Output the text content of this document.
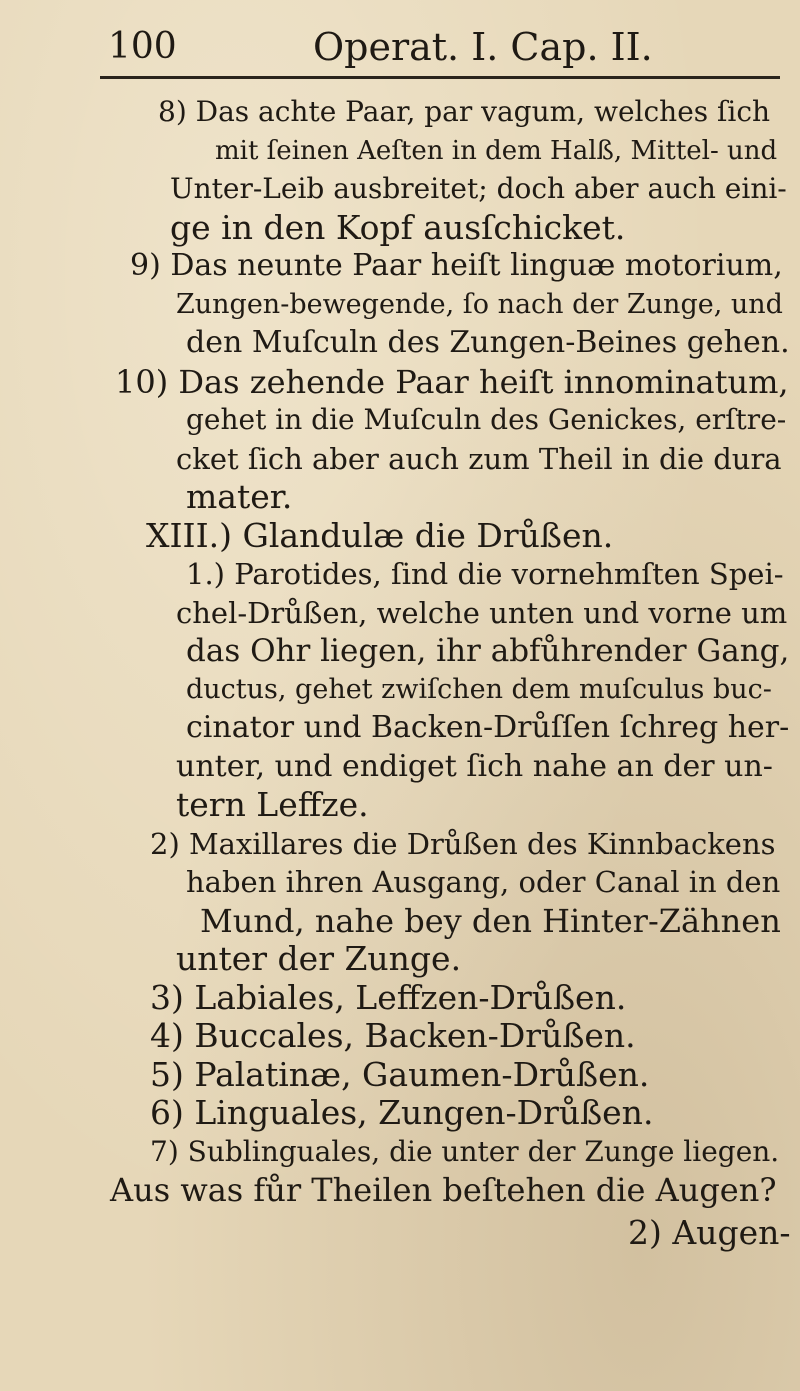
100	Operat. I. Cap. II.
8) Das achte Paar, par vagum, welches ſich
mit ſeinen Aeſten in dem Halß, Mittel- und
Unter-Leib ausbreitet; doch aber auch eini-
ge in den Kopf ausſchicket.
9) Das neunte Paar heiſt linguæ motorium,
Zungen-bewegende, ſo nach der Zunge, und
den Muſculn des Zungen-Beines gehen.
10) Das zehende Paar heiſt innominatum,
gehet in die Muſculn des Genickes, erſtre-
cket ſich aber auch zum Theil in die dura
mater.
XIII.) Glandulæ die Drůßen.
1.) Parotides, ſind die vornehmſten Spei-
chel-Drůßen, welche unten und vorne um
das Ohr liegen, ihr abfůhrender Gang,
ductus, gehet zwiſchen dem muſculus buc-
cinator und Backen-Drůſſen ſchreg her-
unter, und endiget ſich nahe an der un-
tern Leffze.
2) Maxillares die Drůßen des Kinnbackens
haben ihren Ausgang, oder Canal in den
Mund, nahe bey den Hinter-Zähnen
unter der Zunge.
3) Labiales, Leffzen-Drůßen.
4) Buccales, Backen-Drůßen.
5) Palatinæ, Gaumen-Drůßen.
6) Linguales, Zungen-Drůßen.
7) Sublinguales, die unter der Zunge liegen.
Aus was fůr Theilen beſtehen die Augen?
2) Augen-
